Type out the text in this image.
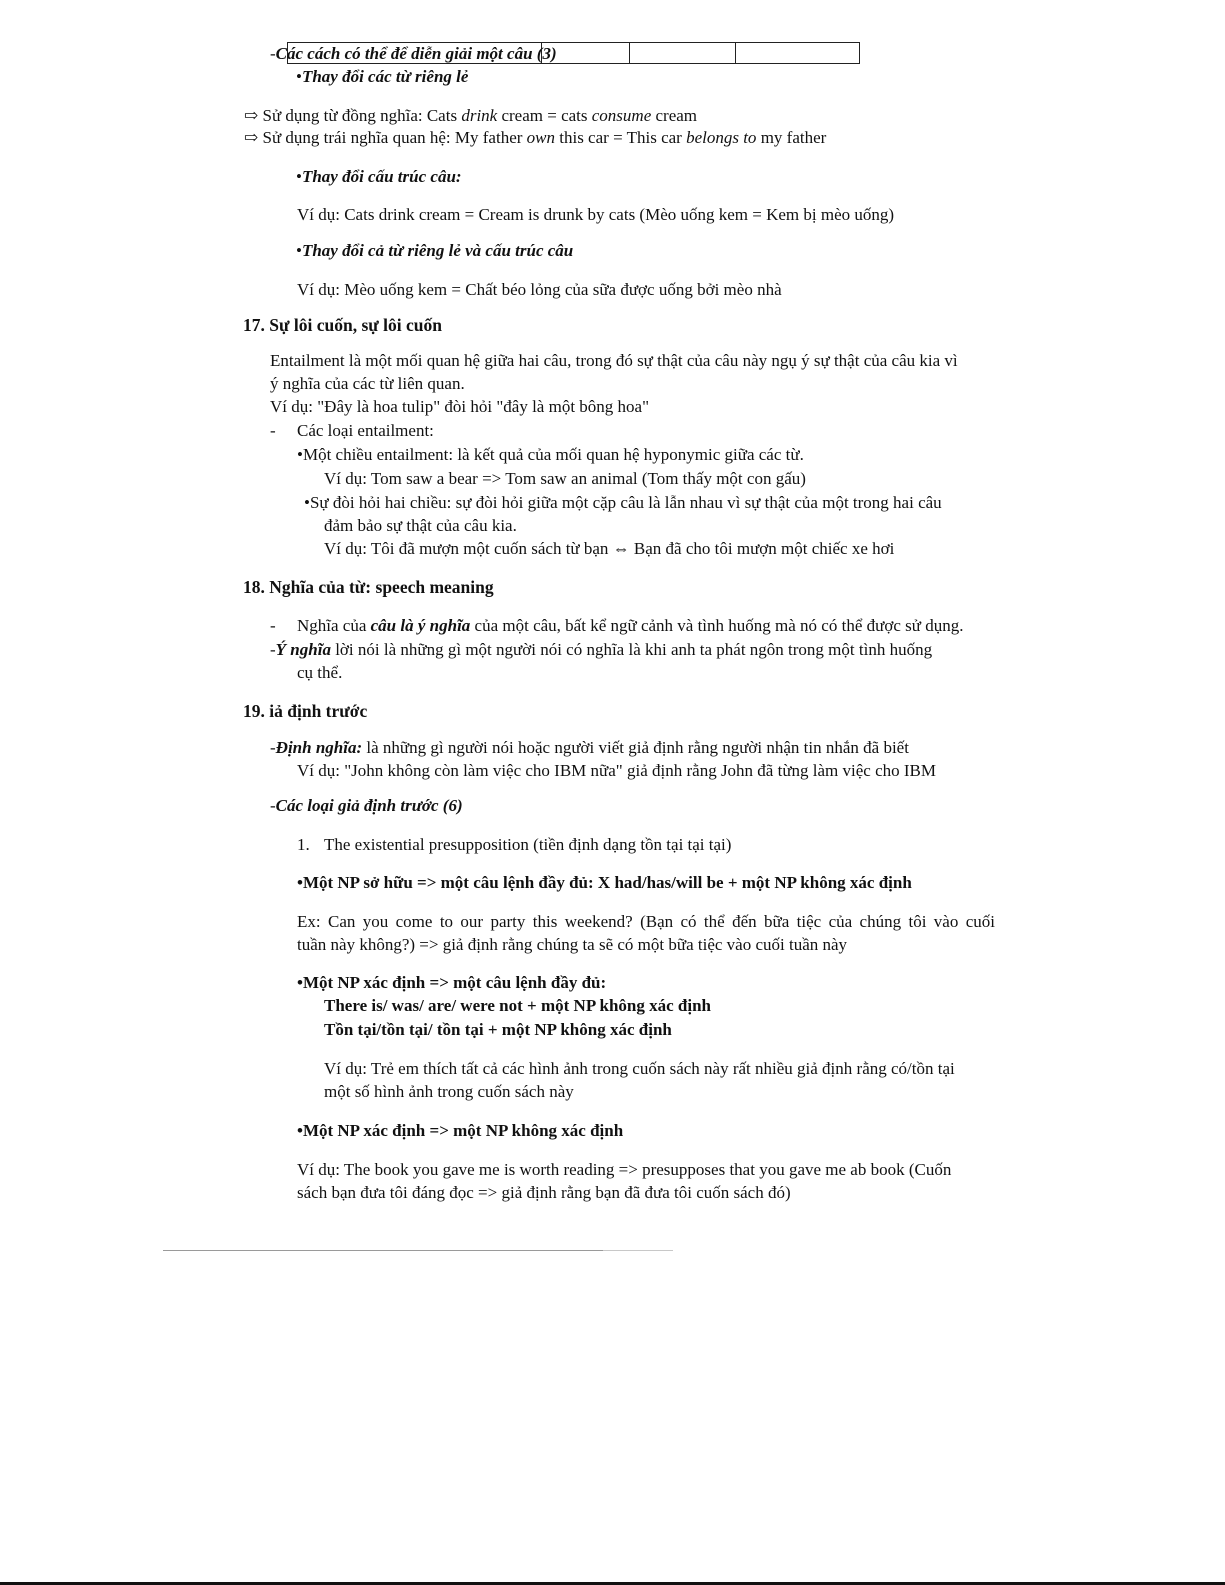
-Các cách có thể để diễn giải một câu (3)
•Thay đổi các từ riêng lẻ
⇨ Sử dụng từ đồng nghĩa: Cats drink cream = cats consume cream
⇨ Sử dụng trái nghĩa quan hệ: My father own this car = This car belongs to my father
•Thay đổi cấu trúc câu:
Ví dụ: Cats drink cream = Cream is drunk by cats (Mèo uống kem = Kem bị mèo uống)
•Thay đổi cả từ riêng lẻ và cấu trúc câu
Ví dụ: Mèo uống kem = Chất béo lỏng của sữa được uống bởi mèo nhà
17. Sự lôi cuốn, sự lôi cuốn
Entailment là một mối quan hệ giữa hai câu, trong đó sự thật của câu này ngụ ý sự thật của câu kia vì
ý nghĩa của các từ liên quan.
Ví dụ: "Đây là hoa tulip" đòi hỏi "đây là một bông hoa"
- Các loại entailment:
•Một chiều entailment: là kết quả của mối quan hệ hyponymic giữa các từ.
Ví dụ: Tom saw a bear => Tom saw an animal (Tom thấy một con gấu)
•Sự đòi hỏi hai chiều: sự đòi hỏi giữa một cặp câu là lẫn nhau vì sự thật của một trong hai câu
đảm bảo sự thật của câu kia.
Ví dụ: Tôi đã mượn một cuốn sách từ bạn ⇔ Bạn đã cho tôi mượn một chiếc xe hơi
18. Nghĩa của từ: speech meaning
- Nghĩa của câu là ý nghĩa của một câu, bất kể ngữ cảnh và tình huống mà nó có thể được sử dụng.
-Ý nghĩa lời nói là những gì một người nói có nghĩa là khi anh ta phát ngôn trong một tình huống
cụ thể.
19. iả định trước
-Định nghĩa: là những gì người nói hoặc người viết giả định rằng người nhận tin nhắn đã biết
Ví dụ: "John không còn làm việc cho IBM nữa" giả định rằng John đã từng làm việc cho IBM
-Các loại giả định trước (6)
1. The existential presupposition (tiền định dạng tồn tại tại tại)
•Một NP sở hữu => một câu lệnh đầy đủ: X had/has/will be + một NP không xác định
Ex: Can you come to our party this weekend? (Bạn có thể đến bữa tiệc của chúng tôi vào cuối
tuần này không?) => giả định rằng chúng ta sẽ có một bữa tiệc vào cuối tuần này
•Một NP xác định => một câu lệnh đầy đủ:
There is/ was/ are/ were not + một NP không xác định
Tồn tại/tồn tại/ tồn tại + một NP không xác định
Ví dụ: Trẻ em thích tất cả các hình ảnh trong cuốn sách này rất nhiều giả định rằng có/tồn tại
một số hình ảnh trong cuốn sách này
•Một NP xác định => một NP không xác định
Ví dụ: The book you gave me is worth reading => presupposes that you gave me ab book (Cuốn
sách bạn đưa tôi đáng đọc => giả định rằng bạn đã đưa tôi cuốn sách đó)
